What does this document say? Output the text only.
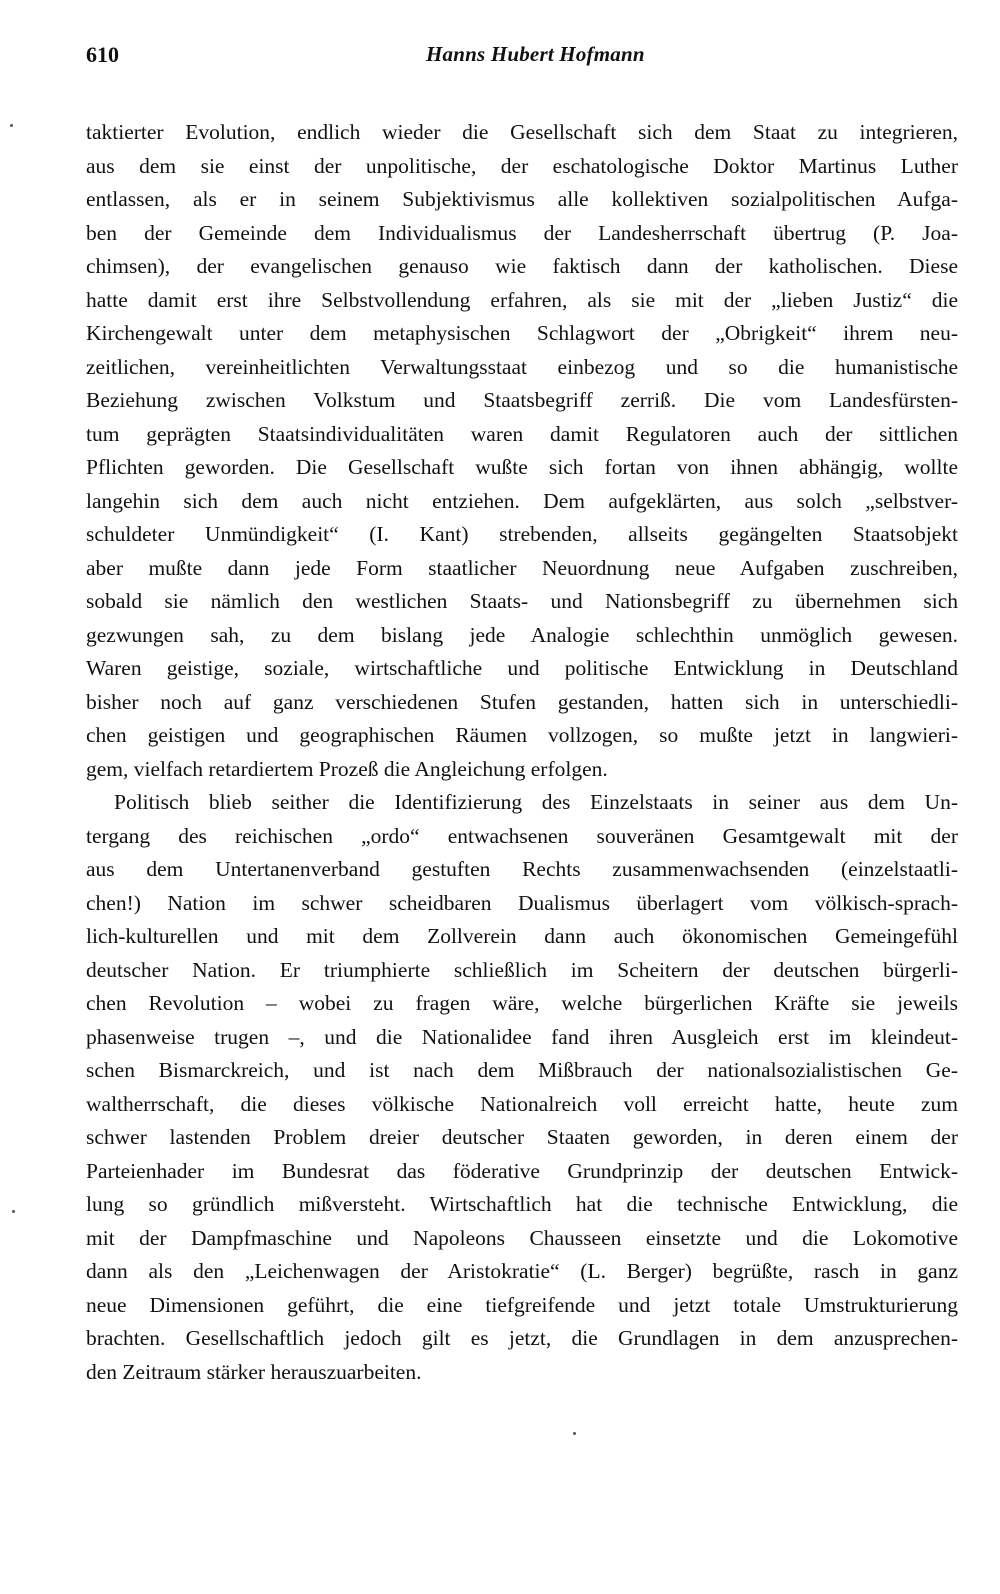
610	Hanns Hubert Hofmann
taktierter Evolution, endlich wieder die Gesellschaft sich dem Staat zu integrieren,
aus dem sie einst der unpolitische, der eschatologische Doktor Martinus Luther
entlassen, als er in seinem Subjektivismus alle kollektiven sozialpolitischen Aufga-
ben der Gemeinde dem Individualismus der Landesherrschaft übertrug (P. Joa-
chimsen), der evangelischen genauso wie faktisch dann der katholischen. Diese
hatte damit erst ihre Selbstvollendung erfahren, als sie mit der „lieben Justiz“ die
Kirchengewalt unter dem metaphysischen Schlagwort der „Obrigkeit“ ihrem neu-
zeitlichen, vereinheitlichten Verwaltungsstaat einbezog und so die humanistische
Beziehung zwischen Volkstum und Staatsbegriff zerriß. Die vom Landesfürsten-
tum geprägten Staatsindividualitäten waren damit Regulatoren auch der sittlichen
Pflichten geworden. Die Gesellschaft wußte sich fortan von ihnen abhängig, wollte
langehin sich dem auch nicht entziehen. Dem aufgeklärten, aus solch „selbstver-
schuldeter Unmündigkeit“ (I. Kant) strebenden, allseits gegängelten Staatsobjekt
aber mußte dann jede Form staatlicher Neuordnung neue Aufgaben zuschreiben,
sobald sie nämlich den westlichen Staats- und Nationsbegriff zu übernehmen sich
gezwungen sah, zu dem bislang jede Analogie schlechthin unmöglich gewesen.
Waren geistige, soziale, wirtschaftliche und politische Entwicklung in Deutschland
bisher noch auf ganz verschiedenen Stufen gestanden, hatten sich in unterschiedli-
chen geistigen und geographischen Räumen vollzogen, so mußte jetzt in langwieri-
gem, vielfach retardiertem Prozeß die Angleichung erfolgen.
Politisch blieb seither die Identifizierung des Einzelstaats in seiner aus dem Un-
tergang des reichischen „ordo“ entwachsenen souveränen Gesamtgewalt mit der
aus dem Untertanenverband gestuften Rechts zusammenwachsenden (einzelstaatli-
chen!) Nation im schwer scheidbaren Dualismus überlagert vom völkisch-sprach-
lich-kulturellen und mit dem Zollverein dann auch ökonomischen Gemeingefühl
deutscher Nation. Er triumphierte schließlich im Scheitern der deutschen bürgerli-
chen Revolution – wobei zu fragen wäre, welche bürgerlichen Kräfte sie jeweils
phasenweise trugen –, und die Nationalidee fand ihren Ausgleich erst im kleindeut-
schen Bismarckreich, und ist nach dem Mißbrauch der nationalsozialistischen Ge-
waltherrschaft, die dieses völkische Nationalreich voll erreicht hatte, heute zum
schwer lastenden Problem dreier deutscher Staaten geworden, in deren einem der
Parteienhader im Bundesrat das föderative Grundprinzip der deutschen Entwick-
lung so gründlich mißversteht. Wirtschaftlich hat die technische Entwicklung, die
mit der Dampfmaschine und Napoleons Chausseen einsetzte und die Lokomotive
dann als den „Leichenwagen der Aristokratie“ (L. Berger) begrüßte, rasch in ganz
neue Dimensionen geführt, die eine tiefgreifende und jetzt totale Umstrukturierung
brachten. Gesellschaftlich jedoch gilt es jetzt, die Grundlagen in dem anzusprechen-
den Zeitraum stärker herauszuarbeiten.
